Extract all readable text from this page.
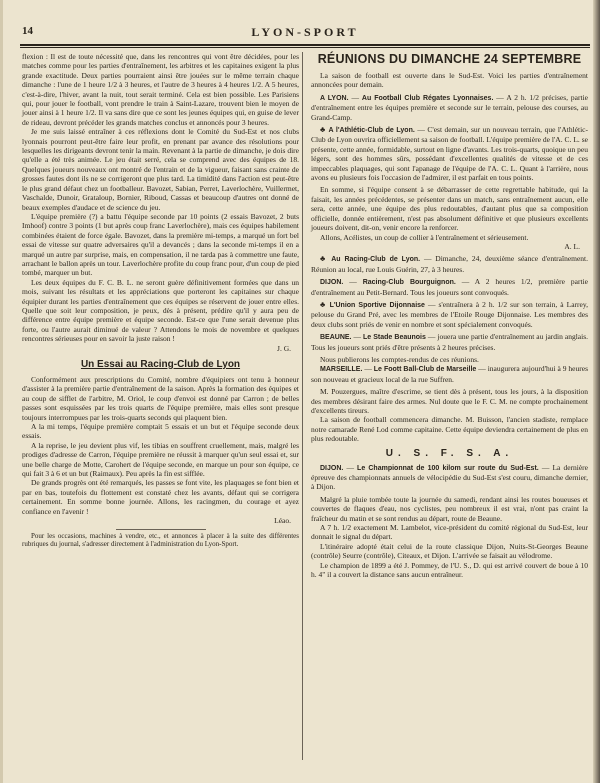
14	LYON-SPORT

flexion : Il est de toute nécessité que, dans les rencontres qui vont être décidées, pour les matches comme pour les parties d'entraînement, les arbitres et les capitaines exigent la plus grande exactitude. Deux parties pourraient ainsi être jouées sur le même terrain chaque dimanche : l'une de 1 heure 1/2 à 3 heures, et l'autre de 3 heures à 4 heures 1/2. A 5 heures, c'est-à-dire, l'hiver, avant la nuit, tout serait terminé. Cela est bien possible. Les Parisiens qui, pour jouer le football, vont prendre le train à Saint-Lazare, trouvent bien le moyen de jouer ainsi à 1 heure 1/2. Il va sans dire que ce sont les jeunes équipes qui, en guise de lever de rideau, devront précéder les grands matches conclus et annoncés pour 3 heures.

Je me suis laissé entraîner à ces réflexions dont le Comité du Sud-Est et nos clubs lyonnais pourront peut-être faire leur profit, en prenant par avance des résolutions pour lesquelles les dirigeants devront tenir la main. Revenant à la partie de dimanche, je dois dire qu'elle a été très animée. Le jeu était serré, cela se comprend avec des équipes de 18. Quelques joueurs nouveaux ont montré de l'entrain et de la vigueur, faisant sans crainte de grosses fautes dont ils ne se corrigeront que plus tard. La timidité dans l'action est peut-être le plus grand défaut chez un footballeur. Bavozet, Sabian, Perret, Laverlochère, Vuillermet, Vaschalde, Dunoir, Grataloup, Bornier, Riboud, Cassas et beaucoup d'autres ont donné de beaux exemples d'audace et de science du jeu.

L'équipe première (?) a battu l'équipe seconde par 10 points (2 essais Bavozet, 2 buts Imhoof) contre 3 points (1 but après coup franc Laverlochère), mais ces équipes habilement combinées étaient de force égale. Bavozet, dans la première mi-temps, a marqué un fort bel essai de vitesse sur quatre adversaires qu'il a devancés ; dans la seconde mi-temps il en a marqué un autre par surprise, mais, en compensation, il ne tarda pas à commettre une faute, arrachant le ballon après un tour. Laverlochère profite du coup franc pour, d'un coup de pied tombé, marquer un but.

Les deux équipes du F. C. B. L. ne seront guère définitivement formées que dans un mois, suivant les résultats et les appréciations que porteront les capitaines sur chaque équipier durant les parties d'entraînement que ces équipes se réservent de jouer entre elles. Quelle que soit leur composition, je peux, dès à présent, prédire qu'il y aura peu de différence entre équipe première et équipe seconde. Est-ce que l'une serait devenue plus forte, ou l'autre aurait diminué de valeur ? Attendons le mois de novembre et quelques rencontres sérieuses pour en savoir la juste raison !

J. G.

Un Essai au Racing-Club de Lyon

Conformément aux prescriptions du Comité, nombre d'équipiers ont tenu à honneur d'assister à la première partie d'entraînement de la saison. Après la formation des équipes et au coup de sifflet de l'arbitre, M. Oriol, le coup d'envoi est donné par Carron ; de belles passes sont esquissées par les trois quarts de l'équipe première, mais elles sont presque toujours interrompues par les trois-quarts seconds qui plaquent bien.

A la mi temps, l'équipe première comptait 5 essais et un but et l'équipe seconde deux essais.

A la reprise, le jeu devient plus vif, les tibias en souffrent cruellement, mais, malgré les prodiges d'adresse de Carron, l'équipe première ne réussit à marquer qu'un seul essai et, sur une belle charge de Motte, Carohert de l'équipe seconde, en marque un pour son équipe, ce qui fait 3 à 6 et un but (Raimaux). Peu après la fin est sifflée.

De grands progrès ont été remarqués, les passes se font vite, les plaquages se font bien et par en bas, toutefois du flottement est constaté chez les avants, défaut qui se corrigera certainement. En somme bonne journée. Allons, les racingmen, du courage et ayez confiance en l'avenir !

Léao.

Pour les occasions, machines à vendre, etc., et annonces à placer à la suite des différentes rubriques du journal, s'adresser directement à l'administration du Lyon-Sport.

RÉUNIONS DU DIMANCHE 24 SEPTEMBRE

La saison de football est ouverte dans le Sud-Est. Voici les parties d'entraînement annoncées pour demain.

A LYON. — Au Football Club Régates Lyonnaises. — A 2 h. 1/2 précises, partie d'entraînement entre les équipes première et seconde sur le terrain, pelouse des courses, au Grand-Camp.

♣ A l'Athlétic-Club de Lyon. — C'est demain, sur un nouveau terrain, que l'Athlétic-Club de Lyon ouvrira officiellement sa saison de football. L'équipe première de l'A. C. L. se présente, cette année, formidable, surtout en ligne d'avants. Les trois-quarts, quoique un peu légers, sont des hommes sûrs, possédant d'excellentes qualités de vitesse et de ces impeccables plaquages, qui sont l'apanage de l'équipe de l'A. C. L. Quant à l'arrière, nous avons eu plusieurs fois l'occasion de l'admirer, il est parfait en tous points.

En somme, si l'équipe consent à se débarrasser de cette regrettable habitude, qui la faisait, les années précédentes, se présenter dans un match, sans entraînement aucun, elle sera, cette année, une équipe des plus redoutables, d'autant plus que sa composition officielle, donnée entièrement, n'est pas absolument définitive et que plusieurs excellents joueurs doivent, dit-on, venir encore la renforcer.

Allons, Acélistes, un coup de collier à l'entraînement et sérieusement.

A. L.

♣ Au Racing-Club de Lyon. — Dimanche, 24, deuxième séance d'entraînement. Réunion au local, rue Louis Guérin, 27, à 3 heures.

DIJON. — Racing-Club Bourguignon. — A 2 heures 1/2, première partie d'entraînement au Petit-Bernard. Tous les joueurs sont convoqués.

♣ L'Union Sportive Dijonnaise — s'entraînera à 2 h. 1/2 sur son terrain, à Larrey, pelouse du Grand Pré, avec les membres de l'Etoile Rouge Dijonnaise. Les membres des deux clubs sont priés de venir en nombre et sont spécialement convoqués.

BEAUNE. — Le Stade Beaunois — jouera une partie d'entraînement au jardin anglais. Tous les joueurs sont priés d'être présents à 2 heures précises.

Nous publierons les comptes-rendus de ces réunions.

MARSEILLE. — Le Foott Ball-Club de Marseille — inaugurera aujourd'hui à 9 heures son nouveau et gracieux local de la rue Suffren.

M. Pouzergues, maître d'escrime, se tient dès à présent, tous les jours, à la disposition des membres désirant faire des armes. Nul doute que le F. C. M. ne compte prochainement d'excellents tireurs.

La saison de football commencera dimanche. M. Buisson, l'ancien stadiste, remplace notre camarade René Lod comme capitaine. Cette équipe deviendra certainement de plus en plus redoutable.

U. S. F. S. A.

DIJON. — Le Championnat de 100 kilom sur route du Sud-Est. — La dernière épreuve des championnats annuels de vélocipédie du Sud-Est s'est couru, dimanche dernier, à Dijon.

Malgré la pluie tombée toute la journée du samedi, rendant ainsi les routes boueuses et couvertes de flaques d'eau, nos cyclistes, peu nombreux il est vrai, n'ont pas craint la fraîcheur du matin et se sont rendus au départ, route de Beaune.

A 7 h. 1/2 exactement M. Lambelot, vice-président du comité régional du Sud-Est, leur donnait le signal du départ.

L'itinéraire adopté était celui de la route classique Dijon, Nuits-St-Georges Beaune (contrôle) Seurre (contrôle), Citeaux, et Dijon. L'arrivée se faisait au vélodrome.

Le champion de 1899 a été J. Pommey, de l'U. S., D. qui est arrivé couvert de boue à 10 h. 4" il a couvert la distance sans aucun entraîneur.
